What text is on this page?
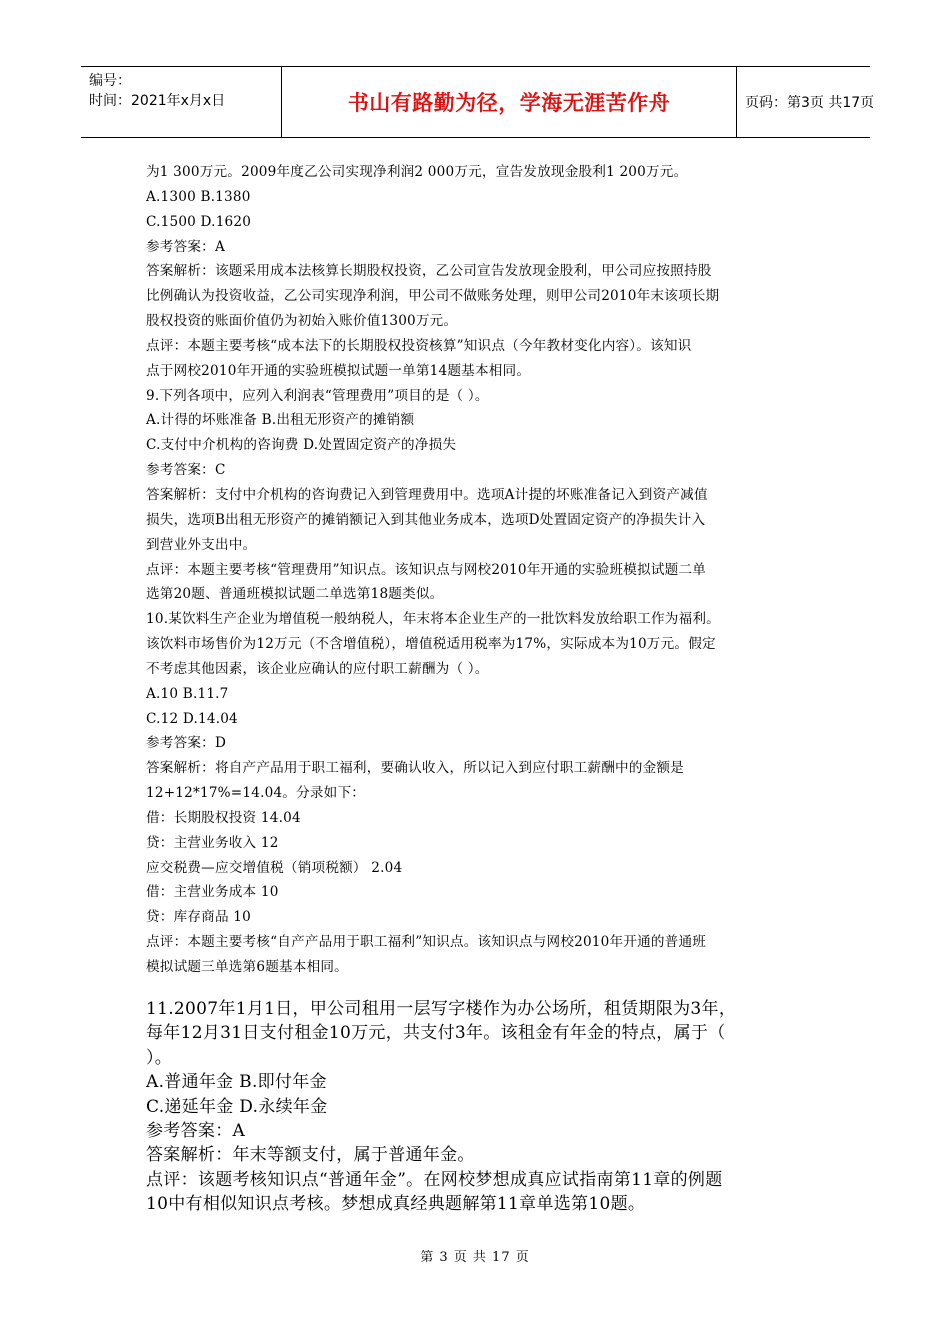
编号：
时间：2021年x月x日	书山有路勤为径，学海无涯苦作舟	页码：第3页 共17页
为1 300万元。2009年度乙公司实现净利润2 000万元，宣告发放现金股利1 200万元。
A.1300 B.1380
C.1500 D.1620
参考答案：A
答案解析：该题采用成本法核算长期股权投资，乙公司宣告发放现金股利，甲公司应按照持股
比例确认为投资收益，乙公司实现净利润，甲公司不做账务处理，则甲公司2010年末该项长期
股权投资的账面价值仍为初始入账价值1300万元。
点评：本题主要考核“成本法下的长期股权投资核算”知识点（今年教材变化内容）。该知识
点于网校2010年开通的实验班模拟试题一单第14题基本相同。
9.下列各项中，应列入利润表“管理费用”项目的是（ ）。
A.计得的坏账准备 B.出租无形资产的摊销额
C.支付中介机构的咨询费 D.处置固定资产的净损失
参考答案：C
答案解析：支付中介机构的咨询费记入到管理费用中。选项A计提的坏账准备记入到资产减值
损失，选项B出租无形资产的摊销额记入到其他业务成本，选项D处置固定资产的净损失计入
到营业外支出中。
点评：本题主要考核“管理费用”知识点。该知识点与网校2010年开通的实验班模拟试题二单
选第20题、普通班模拟试题二单选第18题类似。
10.某饮料生产企业为增值税一般纳税人，年末将本企业生产的一批饮料发放给职工作为福利。
该饮料市场售价为12万元（不含增值税），增值税适用税率为17%，实际成本为10万元。假定
不考虑其他因素，该企业应确认的应付职工薪酬为（ ）。
A.10 B.11.7
C.12 D.14.04
参考答案：D
答案解析：将自产产品用于职工福利，要确认收入，所以记入到应付职工薪酬中的金额是
12+12*17%=14.04。分录如下：
借：长期股权投资 14.04
贷：主营业务收入 12
应交税费—应交增值税（销项税额） 2.04
借：主营业务成本 10
贷：库存商品 10
点评：本题主要考核“自产产品用于职工福利”知识点。该知识点与网校2010年开通的普通班
模拟试题三单选第6题基本相同。
11.2007年1月1日，甲公司租用一层写字楼作为办公场所，租赁期限为3年，
每年12月31日支付租金10万元，共支付3年。该租金有年金的特点，属于（
）。
A.普通年金 B.即付年金
C.递延年金 D.永续年金
参考答案：A
答案解析：年末等额支付，属于普通年金。
点评：该题考核知识点“普通年金”。在网校梦想成真应试指南第11章的例题
10中有相似知识点考核。梦想成真经典题解第11章单选第10题。
第 3 页 共 17 页
